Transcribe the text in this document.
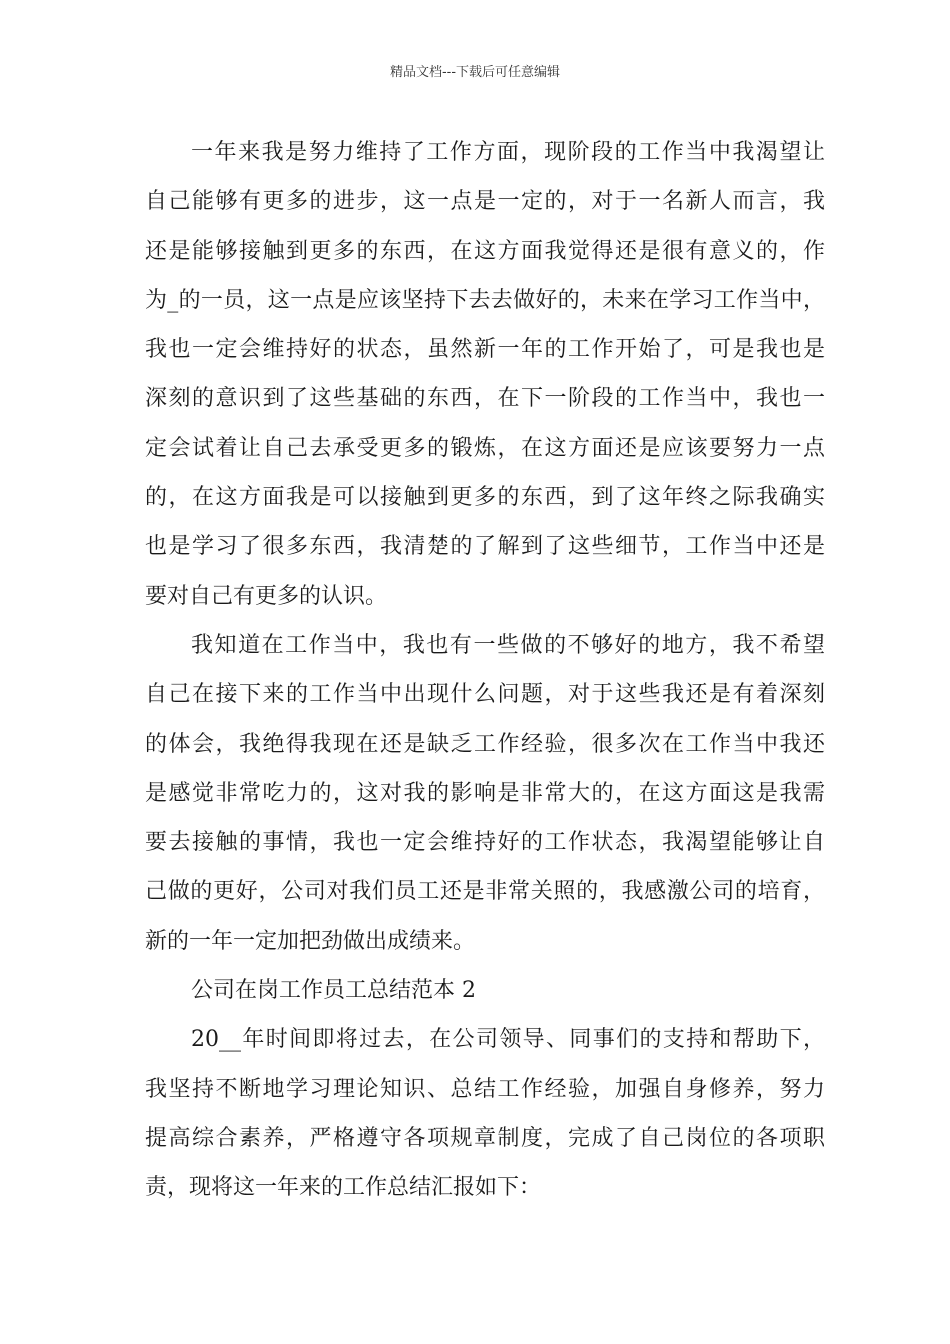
精品文档---下载后可任意编辑
一年来我是努力维持了工作方面，现阶段的工作当中我渴望让
自己能够有更多的进步，这一点是一定的，对于一名新人而言，我
还是能够接触到更多的东西，在这方面我觉得还是很有意义的，作
为_的一员，这一点是应该坚持下去去做好的，未来在学习工作当中，
我也一定会维持好的状态，虽然新一年的工作开始了，可是我也是
深刻的意识到了这些基础的东西，在下一阶段的工作当中，我也一
定会试着让自己去承受更多的锻炼，在这方面还是应该要努力一点
的，在这方面我是可以接触到更多的东西，到了这年终之际我确实
也是学习了很多东西，我清楚的了解到了这些细节，工作当中还是
要对自己有更多的认识。
我知道在工作当中，我也有一些做的不够好的地方，我不希望
自己在接下来的工作当中出现什么问题，对于这些我还是有着深刻
的体会，我绝得我现在还是缺乏工作经验，很多次在工作当中我还
是感觉非常吃力的，这对我的影响是非常大的，在这方面这是我需
要去接触的事情，我也一定会维持好的工作状态，我渴望能够让自
己做的更好，公司对我们员工还是非常关照的，我感激公司的培育，
新的一年一定加把劲做出成绩来。
公司在岗工作员工总结范本 2
20__年时间即将过去，在公司领导、同事们的支持和帮助下，
我坚持不断地学习理论知识、总结工作经验，加强自身修养，努力
提高综合素养，严格遵守各项规章制度，完成了自己岗位的各项职
责，现将这一年来的工作总结汇报如下：
